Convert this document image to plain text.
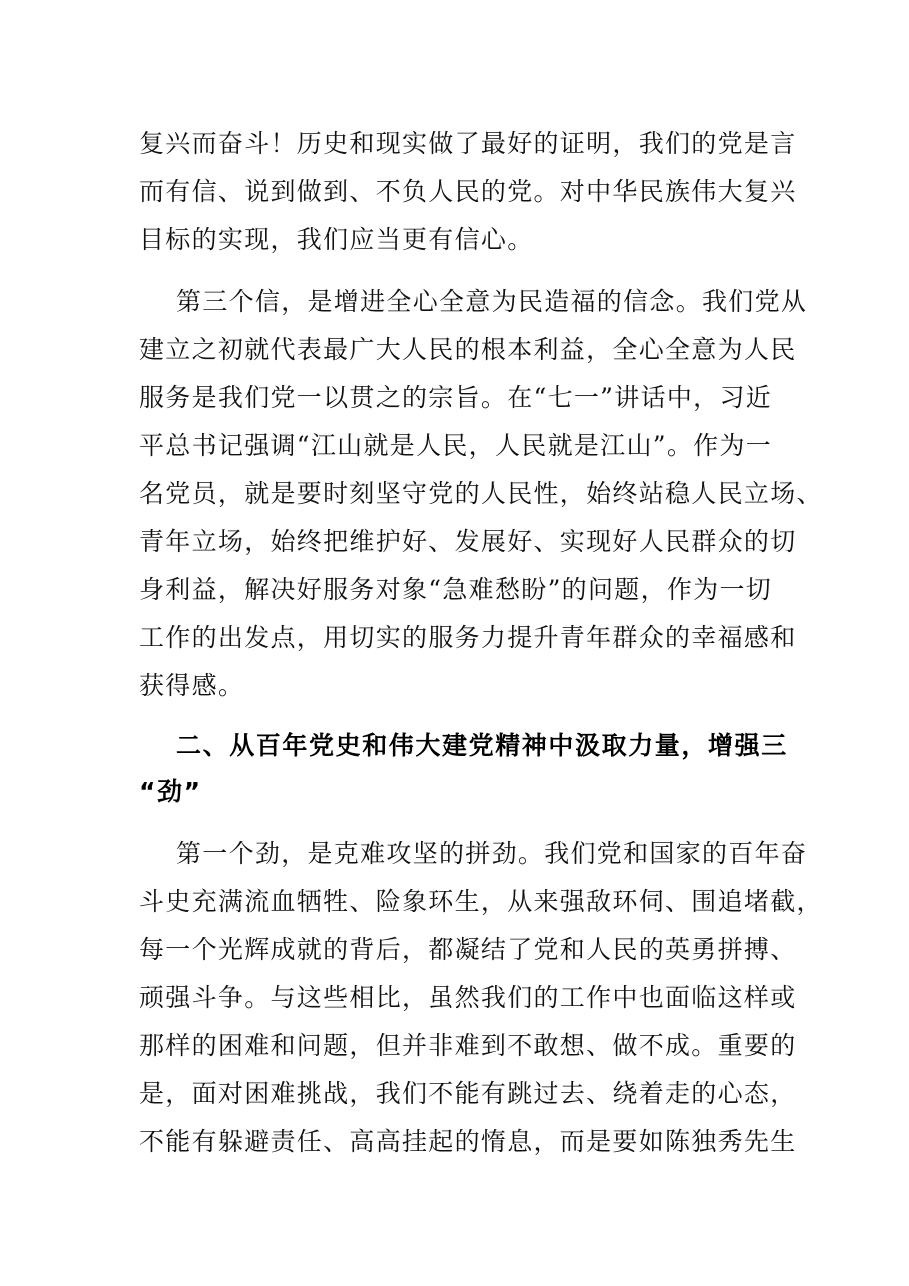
复兴而奋斗！历史和现实做了最好的证明，我们的党是言

而有信、说到做到、不负人民的党。对中华民族伟大复兴

目标的实现，我们应当更有信心。

第三个信，是增进全心全意为民造福的信念。我们党从

建立之初就代表最广大人民的根本利益，全心全意为人民

服务是我们党一以贯之的宗旨。在“七一”讲话中，习近

平总书记强调“江山就是人民，人民就是江山”。作为一

名党员，就是要时刻坚守党的人民性，始终站稳人民立场、

青年立场，始终把维护好、发展好、实现好人民群众的切

身利益，解决好服务对象“急难愁盼”的问题，作为一切

工作的出发点，用切实的服务力提升青年群众的幸福感和

获得感。

二、从百年党史和伟大建党精神中汲取力量，增强三

“劲”

第一个劲，是克难攻坚的拼劲。我们党和国家的百年奋

斗史充满流血牺牲、险象环生，从来强敌环伺、围追堵截，

每一个光辉成就的背后，都凝结了党和人民的英勇拼搏、

顽强斗争。与这些相比，虽然我们的工作中也面临这样或

那样的困难和问题，但并非难到不敢想、做不成。重要的

是，面对困难挑战，我们不能有跳过去、绕着走的心态，

不能有躲避责任、高高挂起的惰息，而是要如陈独秀先生
